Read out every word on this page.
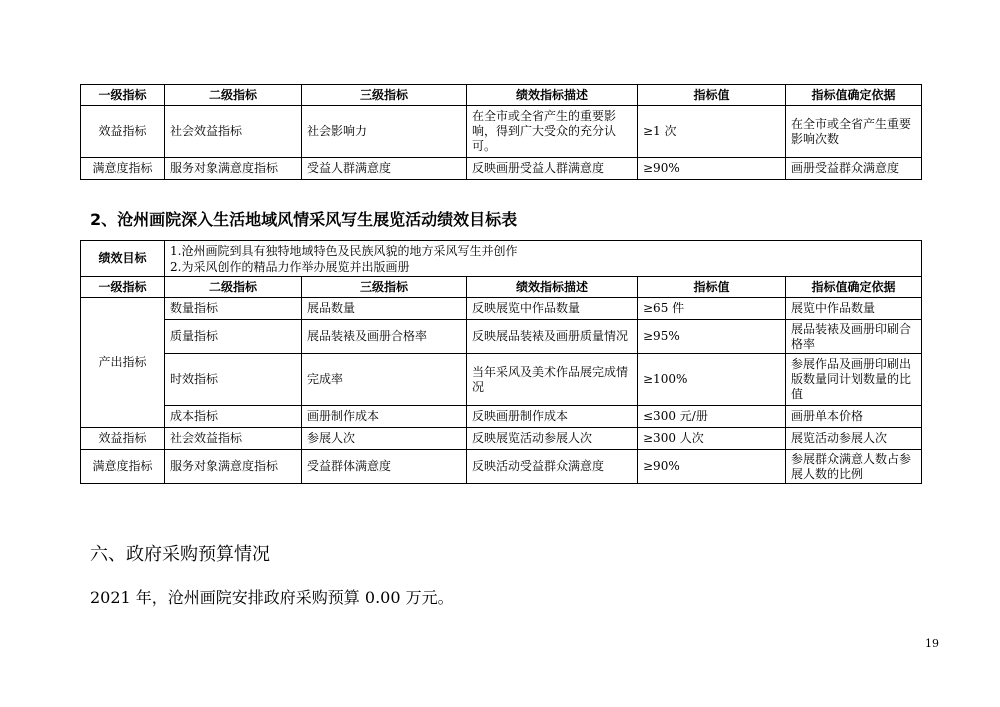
一级指标	二级指标	三级指标	绩效指标描述	指标值	指标值确定依据
效益指标	社会效益指标	社会影响力	在全市或全省产生的重要影响，得到广大受众的充分认可。	≥1 次	在全市或全省产生重要影响次数
满意度指标	服务对象满意度指标	受益人群满意度	反映画册受益人群满意度	≥90%	画册受益群众满意度
2、沧州画院深入生活地域风情采风写生展览活动绩效目标表
绩效目标	1.沧州画院到具有独特地域特色及民族风貌的地方采风写生并创作
2.为采风创作的精品力作举办展览并出版画册				

一级指标	二级指标	三级指标	绩效指标描述	指标值	指标值确定依据
产出指标	数量指标	展品数量	反映展览中作品数量	≥65 件	展览中作品数量
	质量指标	展品装裱及画册合格率	反映展品装裱及画册质量情况	≥95%	展品装裱及画册印刷合格率
	时效指标	完成率	当年采风及美术作品展完成情况	≥100%	参展作品及画册印刷出版数量同计划数量的比值
	成本指标	画册制作成本	反映画册制作成本	≤300 元/册	画册单本价格
效益指标	社会效益指标	参展人次	反映展览活动参展人次	≥300 人次	展览活动参展人次
满意度指标	服务对象满意度指标	受益群体满意度	反映活动受益群众满意度	≥90%	参展群众满意人数占参展人数的比例
六、政府采购预算情况
2021 年，沧州画院安排政府采购预算 0.00 万元。
19
